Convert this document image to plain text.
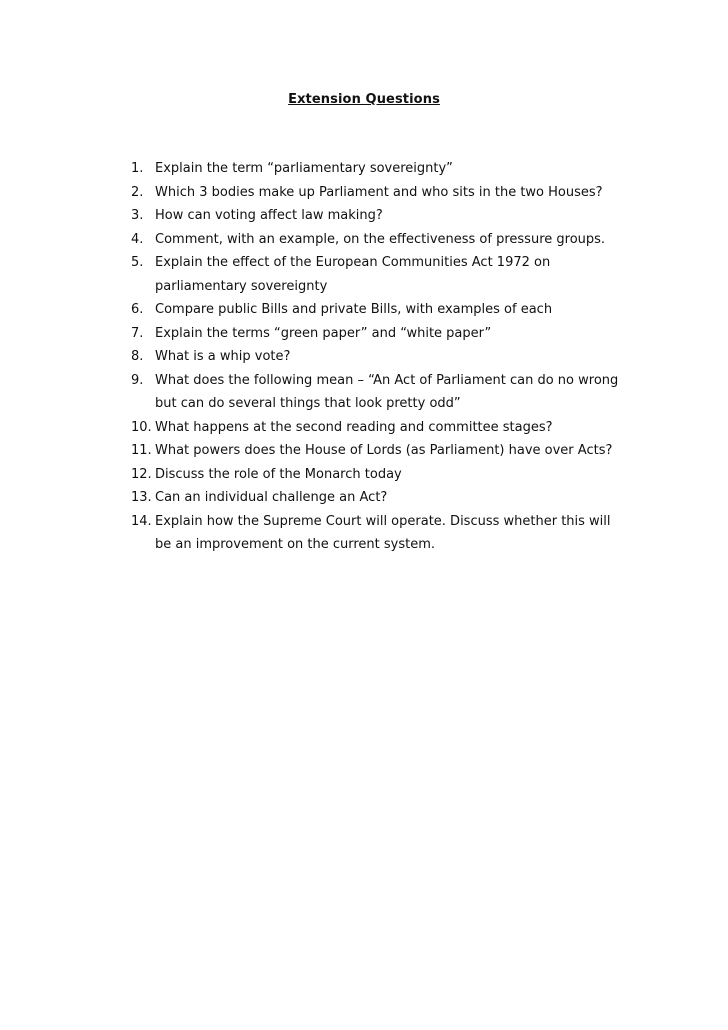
Extension Questions
1. Explain the term “parliamentary sovereignty”
2. Which 3 bodies make up Parliament and who sits in the two Houses?
3. How can voting affect law making?
4. Comment, with an example, on the effectiveness of pressure groups.
5. Explain the effect of the European Communities Act 1972 on
parliamentary sovereignty
6. Compare public Bills and private Bills, with examples of each
7. Explain the terms “green paper” and “white paper”
8. What is a whip vote?
9. What does the following mean – “An Act of Parliament can do no wrong
but can do several things that look pretty odd”
10. What happens at the second reading and committee stages?
11. What powers does the House of Lords (as Parliament) have over Acts?
12. Discuss the role of the Monarch today
13. Can an individual challenge an Act?
14. Explain how the Supreme Court will operate. Discuss whether this will
be an improvement on the current system.
